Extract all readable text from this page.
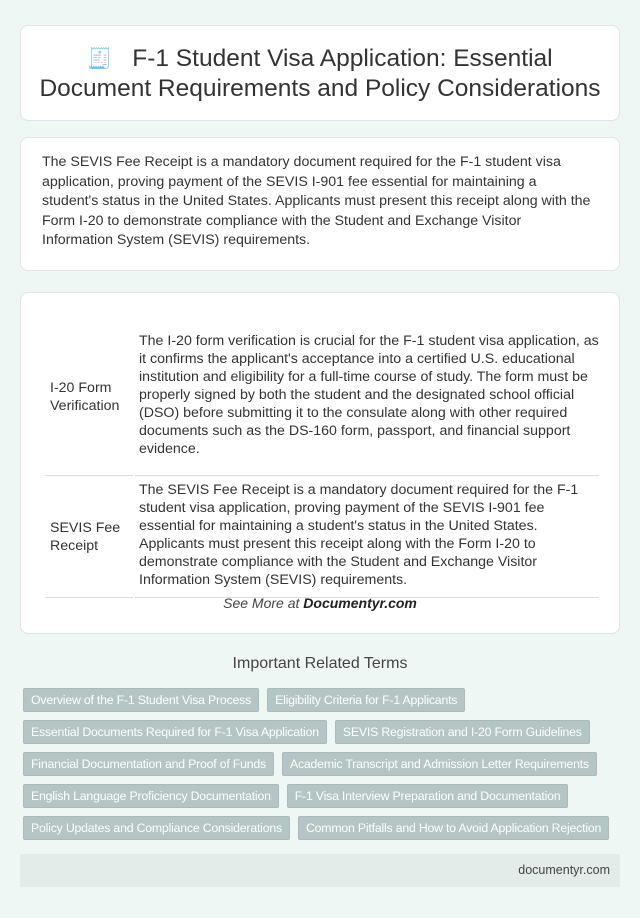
🧾 F-1 Student Visa Application: Essential Document Requirements and Policy Considerations

The SEVIS Fee Receipt is a mandatory document required for the F-1 student visa application, proving payment of the SEVIS I-901 fee essential for maintaining a student's status in the United States. Applicants must present this receipt along with the Form I-20 to demonstrate compliance with the Student and Exchange Visitor Information System (SEVIS) requirements.

I-20 Form Verification	The I-20 form verification is crucial for the F-1 student visa application, as it confirms the applicant's acceptance into a certified U.S. educational institution and eligibility for a full-time course of study. The form must be properly signed by both the student and the designated school official (DSO) before submitting it to the consulate along with other required documents such as the DS-160 form, passport, and financial support evidence.
SEVIS Fee Receipt	The SEVIS Fee Receipt is a mandatory document required for the F-1 student visa application, proving payment of the SEVIS I-901 fee essential for maintaining a student's status in the United States. Applicants must present this receipt along with the Form I-20 to demonstrate compliance with the Student and Exchange Visitor Information System (SEVIS) requirements.
See More at Documentyr.com
Important Related Terms
Overview of the F-1 Student Visa Process	Eligibility Criteria for F-1 Applicants
Essential Documents Required for F-1 Visa Application	SEVIS Registration and I-20 Form Guidelines
Financial Documentation and Proof of Funds	Academic Transcript and Admission Letter Requirements
English Language Proficiency Documentation	F-1 Visa Interview Preparation and Documentation
Policy Updates and Compliance Considerations	Common Pitfalls and How to Avoid Application Rejection
documentyr.com
